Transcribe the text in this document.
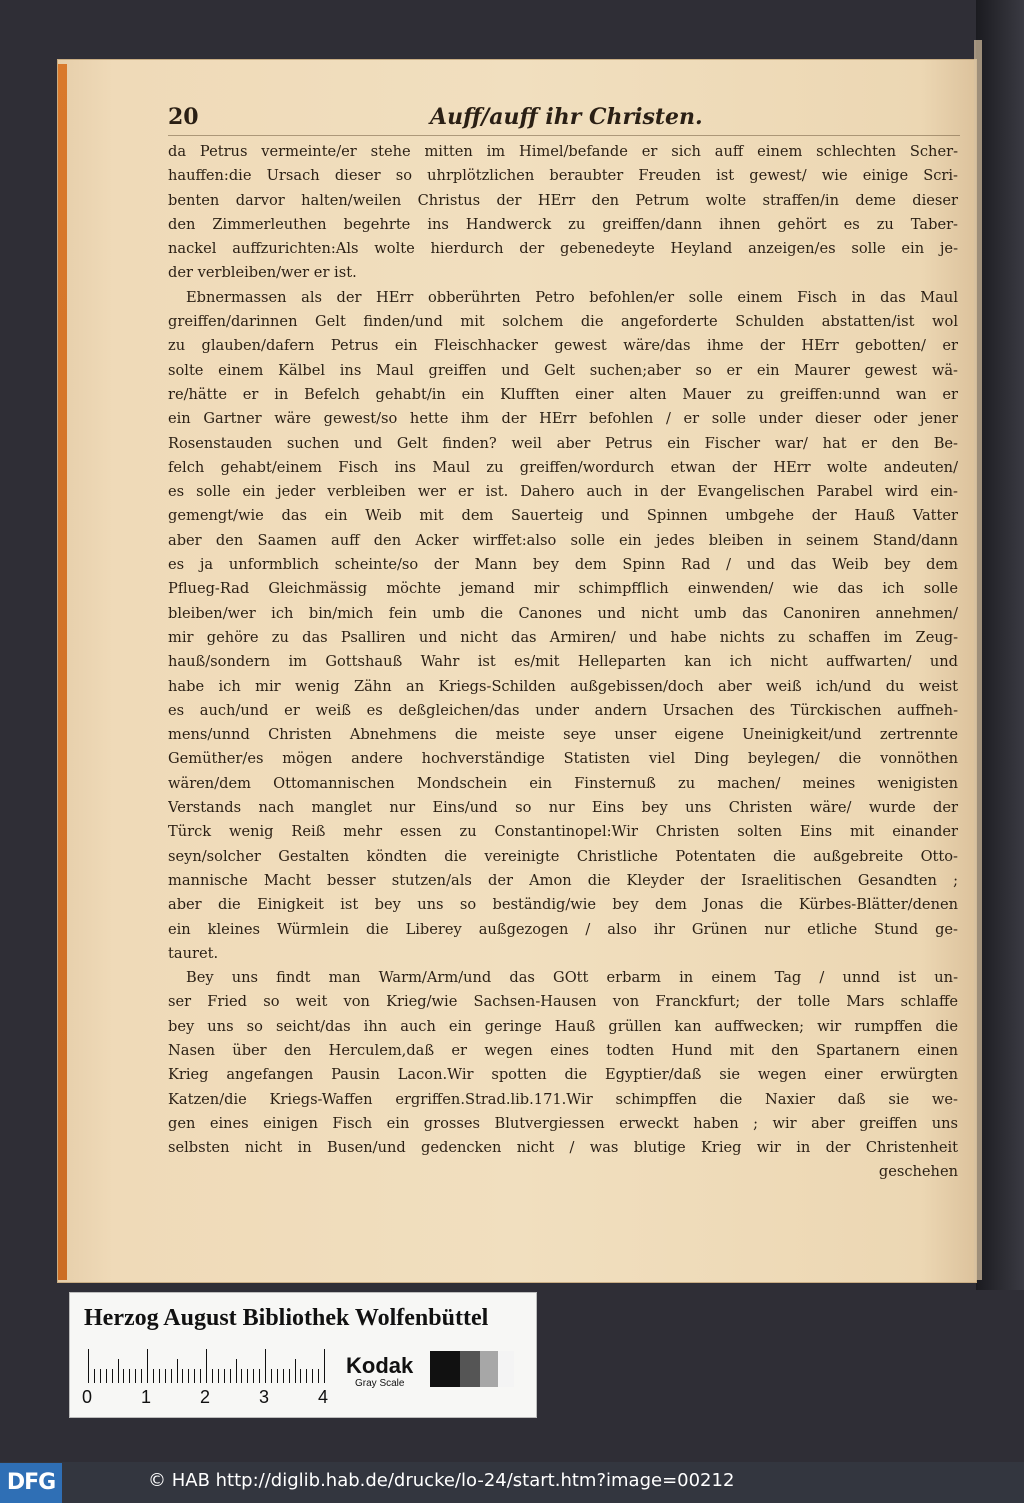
20	Auff/auff ihr Christen.
da Petrus vermeinte/er stehe mitten im Himel/befande er sich auff einem schlechten Scher-
hauffen:die Ursach dieser so uhrplötzlichen beraubter Freuden ist gewest/ wie einige Scri-
benten darvor halten/weilen Christus der HErr den Petrum wolte straffen/in deme dieser
den Zimmerleuthen begehrte ins Handwerck zu greiffen/dann ihnen gehört es zu Taber-
nackel auffzurichten:Als wolte hierdurch der gebenedeyte Heyland anzeigen/es solle ein je-
der verbleiben/wer er ist.
Ebnermassen als der HErr obberührten Petro befohlen/er solle einem Fisch in das Maul
greiffen/darinnen Gelt finden/und mit solchem die angeforderte Schulden abstatten/ist wol
zu glauben/dafern Petrus ein Fleischhacker gewest wäre/das ihme der HErr gebotten/ er
solte einem Kälbel ins Maul greiffen und Gelt suchen;aber so er ein Maurer gewest wä-
re/hätte er in Befelch gehabt/in ein Klufften einer alten Mauer zu greiffen:unnd wan er
ein Gartner wäre gewest/so hette ihm der HErr befohlen / er solle under dieser oder jener
Rosenstauden suchen und Gelt finden? weil aber Petrus ein Fischer war/ hat er den Be-
felch gehabt/einem Fisch ins Maul zu greiffen/wordurch etwan der HErr wolte andeuten/
es solle ein jeder verbleiben wer er ist. Dahero auch in der Evangelischen Parabel wird ein-
gemengt/wie das ein Weib mit dem Sauerteig und Spinnen umbgehe der Hauß Vatter
aber den Saamen auff den Acker wirffet:also solle ein jedes bleiben in seinem Stand/dann
es ja unformblich scheinte/so der Mann bey dem Spinn Rad / und das Weib bey dem
Pflueg-Rad Gleichmässig möchte jemand mir schimpfflich einwenden/ wie das ich solle
bleiben/wer ich bin/mich fein umb die Canones und nicht umb das Canoniren annehmen/
mir gehöre zu das Psalliren und nicht das Armiren/ und habe nichts zu schaffen im Zeug-
hauß/sondern im Gottshauß Wahr ist es/mit Helleparten kan ich nicht auffwarten/ und
habe ich mir wenig Zähn an Kriegs-Schilden außgebissen/doch aber weiß ich/und du weist
es auch/und er weiß es deßgleichen/das under andern Ursachen des Türckischen auffneh-
mens/unnd Christen Abnehmens die meiste seye unser eigene Uneinigkeit/und zertrennte
Gemüther/es mögen andere hochverständige Statisten viel Ding beylegen/ die vonnöthen
wären/dem Ottomannischen Mondschein ein Finsternuß zu machen/ meines wenigisten
Verstands nach manglet nur Eins/und so nur Eins bey uns Christen wäre/ wurde der
Türck wenig Reiß mehr essen zu Constantinopel:Wir Christen solten Eins mit einander
seyn/solcher Gestalten köndten die vereinigte Christliche Potentaten die außgebreite Otto-
mannische Macht besser stutzen/als der Amon die Kleyder der Israelitischen Gesandten ;
aber die Einigkeit ist bey uns so beständig/wie bey dem Jonas die Kürbes-Blätter/denen
ein kleines Würmlein die Liberey außgezogen / also ihr Grünen nur etliche Stund ge-
tauret.
Bey uns findt man Warm/Arm/und das GOtt erbarm in einem Tag / unnd ist un-
ser Fried so weit von Krieg/wie Sachsen-Hausen von Franckfurt; der tolle Mars schlaffe
bey uns so seicht/das ihn auch ein geringe Hauß grüllen kan auffwecken; wir rumpffen die
Nasen über den Herculem,daß er wegen eines todten Hund mit den Spartanern einen
Krieg angefangen Pausin Lacon.Wir spotten die Egyptier/daß sie wegen einer erwürgten
Katzen/die Kriegs-Waffen ergriffen.Strad.lib.171.Wir schimpffen die Naxier daß sie we-
gen eines einigen Fisch ein grosses Blutvergiessen erweckt haben ; wir aber greiffen uns
selbsten nicht in Busen/und gedencken nicht / was blutige Krieg wir in der Christenheit
geschehen
Herzog August Bibliothek Wolfenbüttel
0	1	2	3	4
Kodak
Gray Scale
DFG	© HAB http://diglib.hab.de/drucke/lo-24/start.htm?image=00212
